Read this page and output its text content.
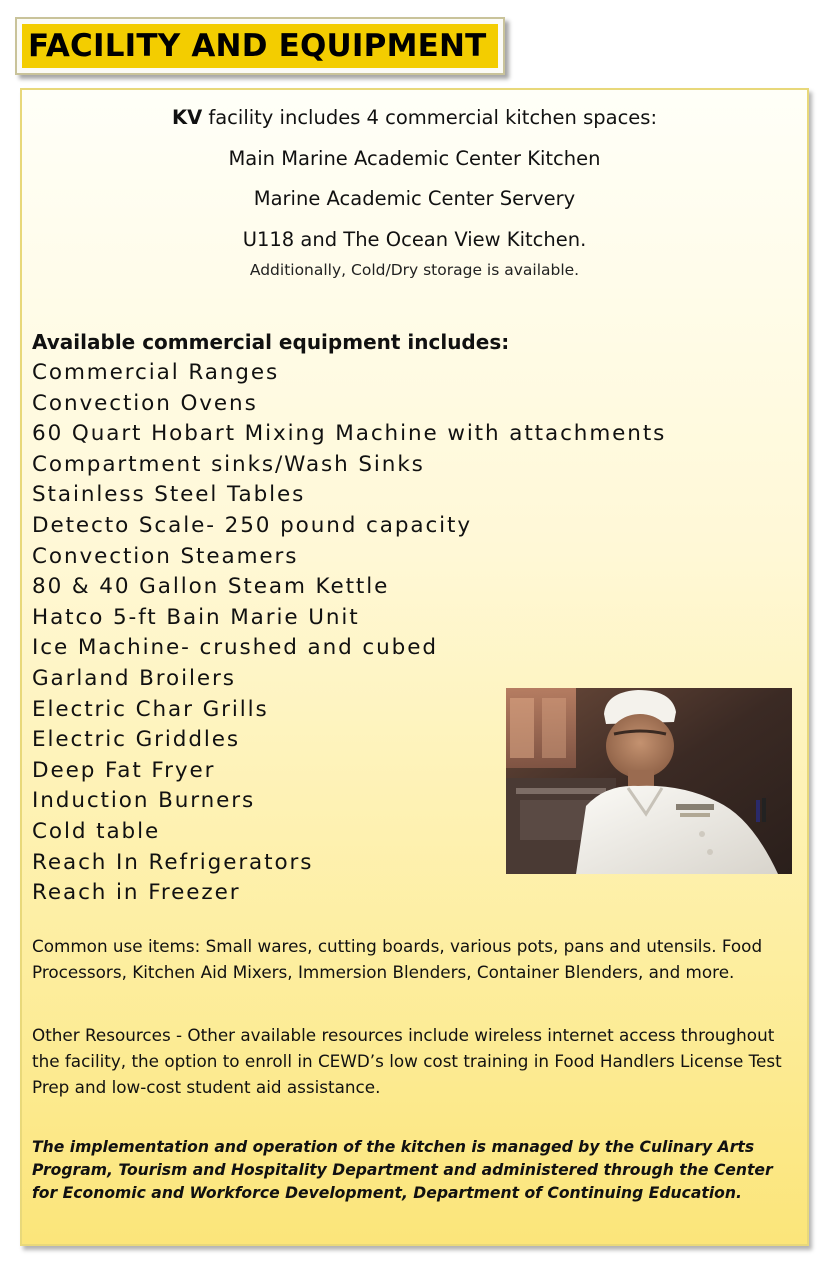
FACILITY AND EQUIPMENT
KV facility includes 4 commercial kitchen spaces:
Main Marine Academic Center Kitchen
Marine Academic Center Servery
U118 and The Ocean View Kitchen.
Additionally, Cold/Dry storage is available.
Available commercial equipment includes:
Commercial Ranges
Convection Ovens
60 Quart Hobart Mixing Machine with attachments
Compartment sinks/Wash Sinks
Stainless Steel Tables
Detecto Scale- 250 pound capacity
Convection Steamers
80 & 40 Gallon Steam Kettle
Hatco 5-ft Bain Marie Unit
Ice Machine- crushed and cubed
Garland Broilers
Electric Char Grills
Electric Griddles
Deep Fat Fryer
Induction Burners
Cold table
Reach In Refrigerators
Reach in Freezer
Common use items: Small wares, cutting boards, various pots, pans and utensils. Food Processors, Kitchen Aid Mixers, Immersion Blenders, Container Blenders, and more.
Other Resources - Other available resources include wireless internet access throughout the facility, the option to enroll in CEWD’s low cost training in Food Handlers License Test Prep and low-cost student aid assistance.
The implementation and operation of the kitchen is managed by the Culinary Arts Program, Tourism and Hospitality Department and administered through the Center for Economic and Workforce Development, Department of Continuing Education.
